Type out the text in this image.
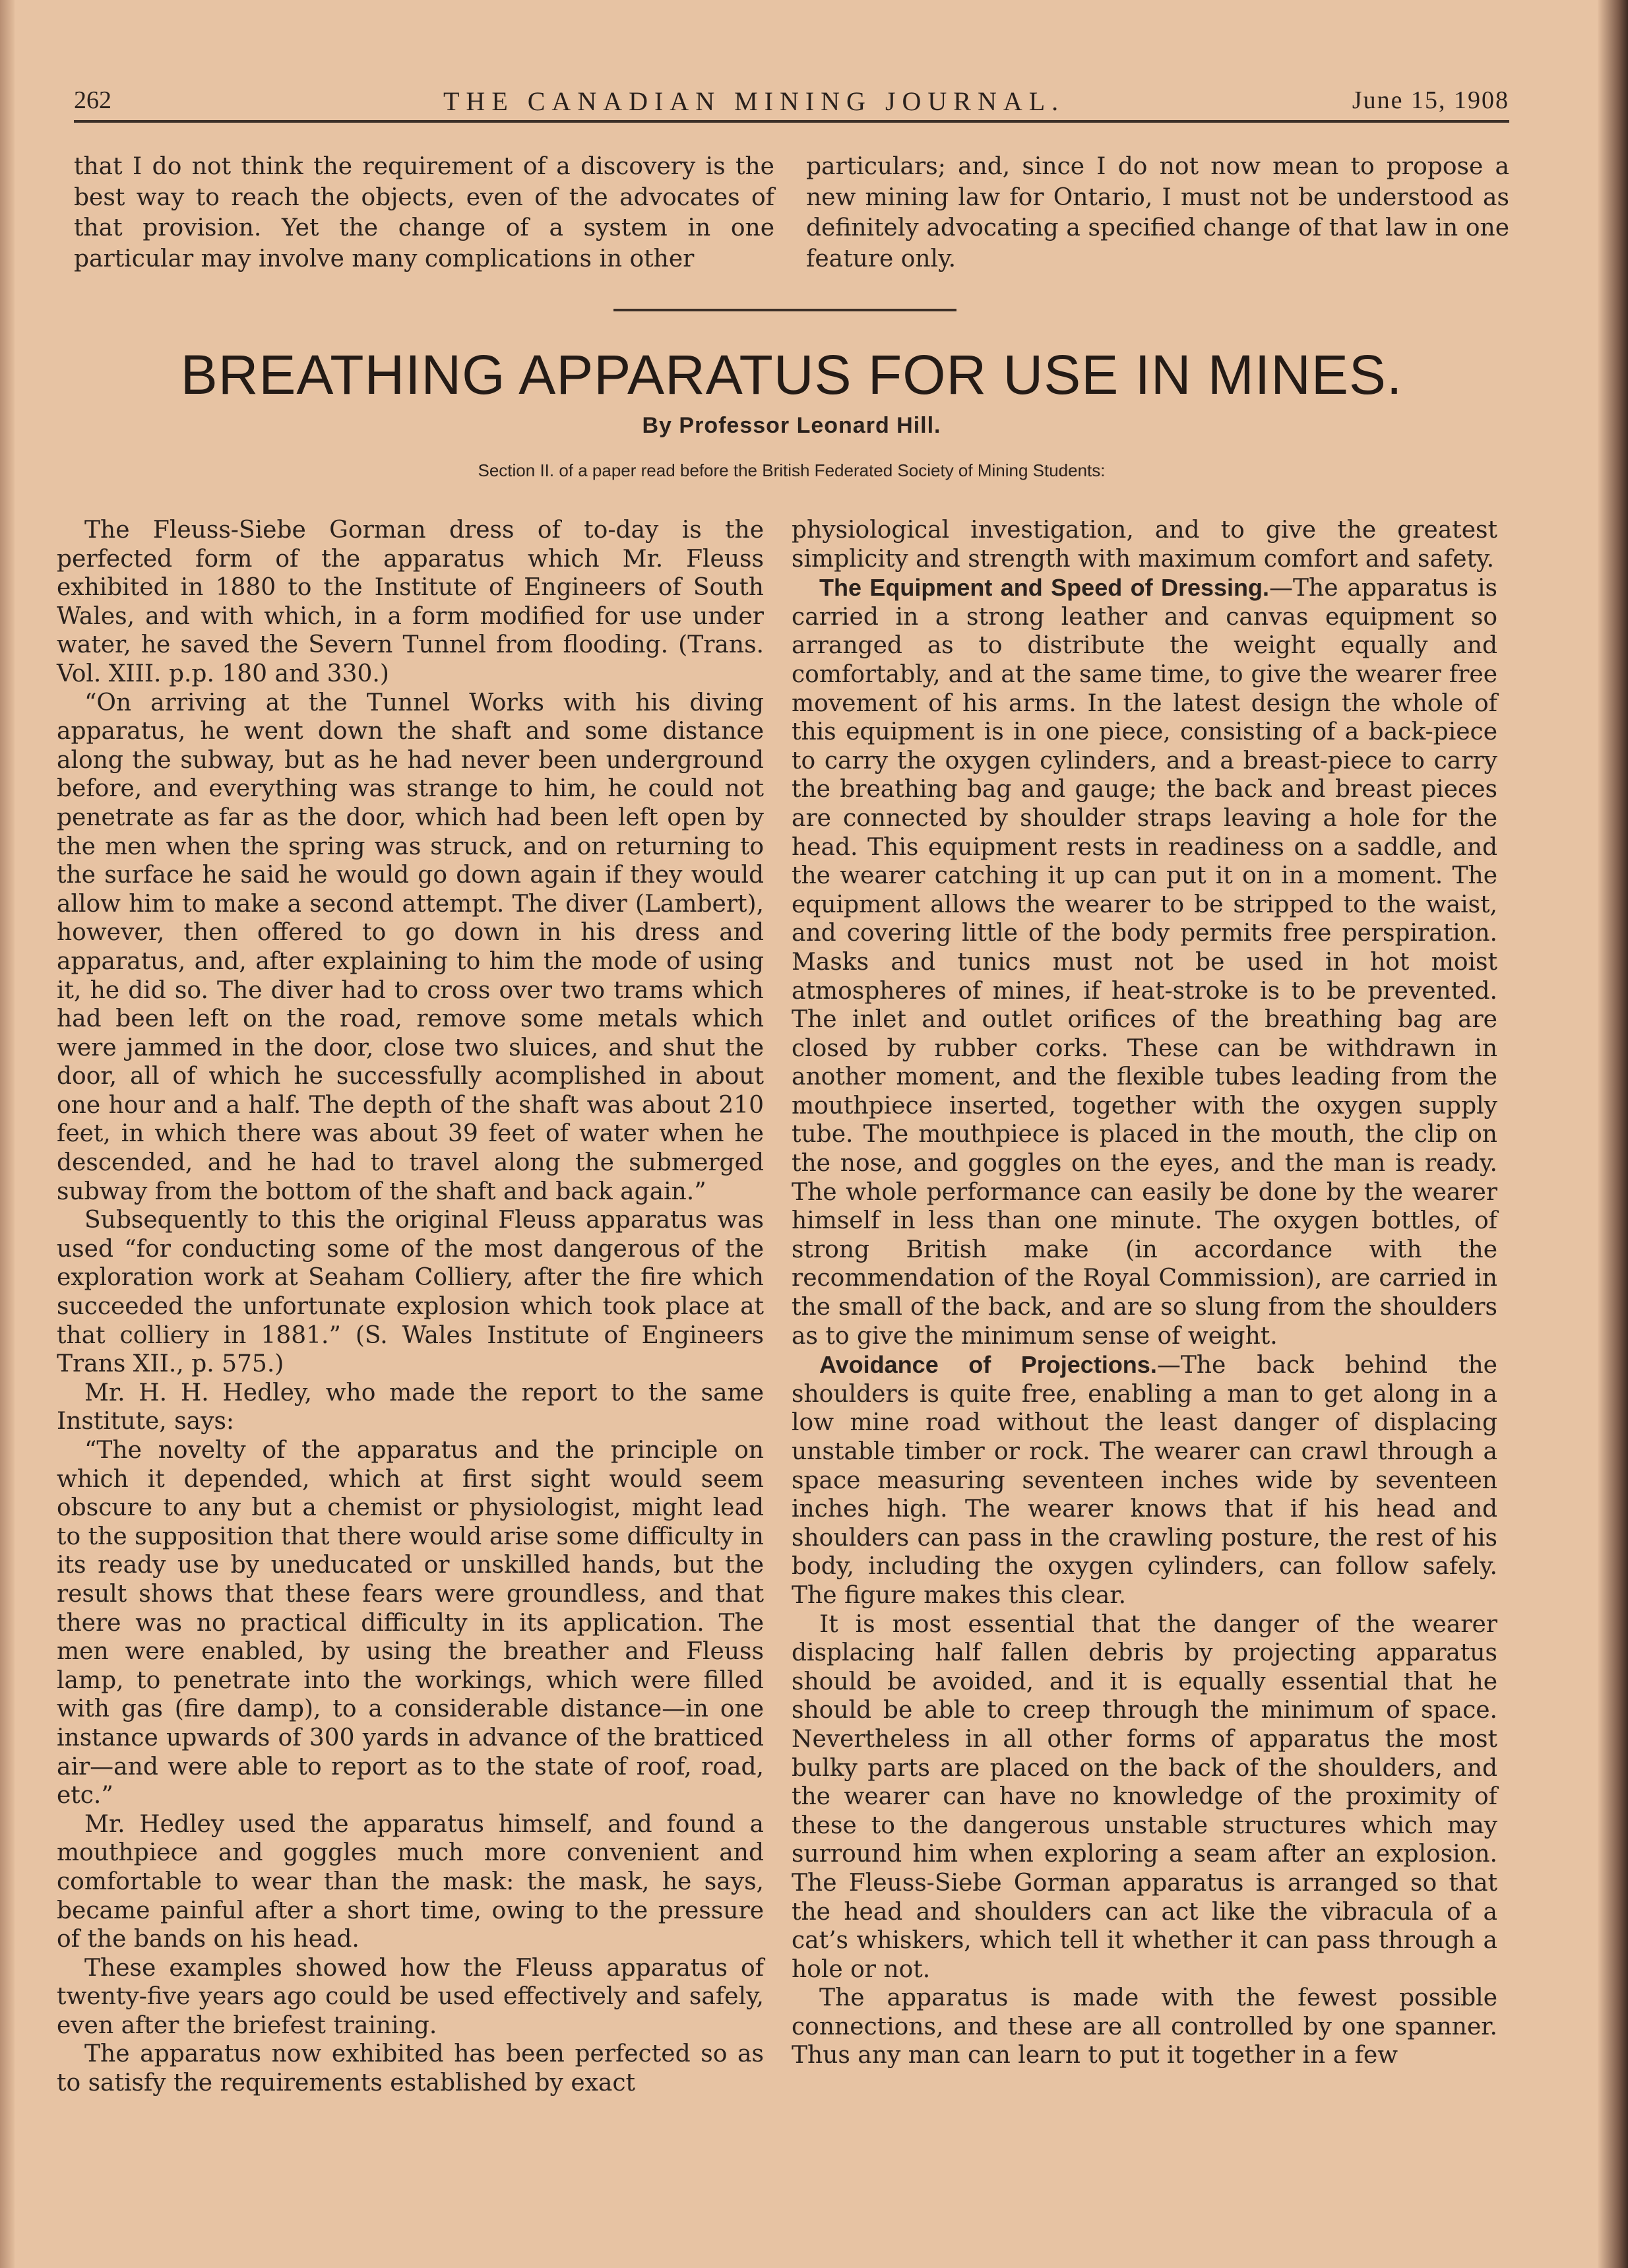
262	THE CANADIAN MINING JOURNAL.	June 15, 1908
that I do not think the requirement of a discovery is the best way to reach the objects, even of the advocates of that provision. Yet the change of a system in one particular may involve many complications in other
particulars; and, since I do not now mean to propose a new mining law for Ontario, I must not be understood as definitely advocating a specified change of that law in one feature only.
BREATHING APPARATUS FOR USE IN MINES.
By Professor Leonard Hill.
Section II. of a paper read before the British Federated Society of Mining Students:

The Fleuss-Siebe Gorman dress of to-day is the perfected form of the apparatus which Mr. Fleuss exhibited in 1880 to the Institute of Engineers of South Wales, and with which, in a form modified for use under water, he saved the Severn Tunnel from flooding. (Trans. Vol. XIII. p.p. 180 and 330.)

“On arriving at the Tunnel Works with his diving apparatus, he went down the shaft and some distance along the subway, but as he had never been underground before, and everything was strange to him, he could not penetrate as far as the door, which had been left open by the men when the spring was struck, and on returning to the surface he said he would go down again if they would allow him to make a second attempt. The diver (Lambert), however, then offered to go down in his dress and apparatus, and, after explaining to him the mode of using it, he did so. The diver had to cross over two trams which had been left on the road, remove some metals which were jammed in the door, close two sluices, and shut the door, all of which he successfully acomplished in about one hour and a half. The depth of the shaft was about 210 feet, in which there was about 39 feet of water when he descended, and he had to travel along the submerged subway from the bottom of the shaft and back again.”

Subsequently to this the original Fleuss apparatus was used “for conducting some of the most dangerous of the exploration work at Seaham Colliery, after the fire which succeeded the unfortunate explosion which took place at that colliery in 1881.” (S. Wales Institute of Engineers Trans XII., p. 575.)

Mr. H. H. Hedley, who made the report to the same Institute, says:

“The novelty of the apparatus and the principle on which it depended, which at first sight would seem obscure to any but a chemist or physiologist, might lead to the supposition that there would arise some difficulty in its ready use by uneducated or unskilled hands, but the result shows that these fears were groundless, and that there was no practical difficulty in its application. The men were enabled, by using the breather and Fleuss lamp, to penetrate into the workings, which were filled with gas (fire damp), to a considerable distance—in one instance upwards of 300 yards in advance of the bratticed air—and were able to report as to the state of roof, road, etc.”

Mr. Hedley used the apparatus himself, and found a mouthpiece and goggles much more convenient and comfortable to wear than the mask: the mask, he says, became painful after a short time, owing to the pressure of the bands on his head.

These examples showed how the Fleuss apparatus of twenty-five years ago could be used effectively and safely, even after the briefest training.

The apparatus now exhibited has been perfected so as to satisfy the requirements established by exact

physiological investigation, and to give the greatest simplicity and strength with maximum comfort and safety.

The Equipment and Speed of Dressing.—The apparatus is carried in a strong leather and canvas equipment so arranged as to distribute the weight equally and comfortably, and at the same time, to give the wearer free movement of his arms. In the latest design the whole of this equipment is in one piece, consisting of a back-piece to carry the oxygen cylinders, and a breast-piece to carry the breathing bag and gauge; the back and breast pieces are connected by shoulder straps leaving a hole for the head. This equipment rests in readiness on a saddle, and the wearer catching it up can put it on in a moment. The equipment allows the wearer to be stripped to the waist, and covering little of the body permits free perspiration. Masks and tunics must not be used in hot moist atmospheres of mines, if heat-stroke is to be prevented. The inlet and outlet orifices of the breathing bag are closed by rubber corks. These can be withdrawn in another moment, and the flexible tubes leading from the mouthpiece inserted, together with the oxygen supply tube. The mouthpiece is placed in the mouth, the clip on the nose, and goggles on the eyes, and the man is ready. The whole performance can easily be done by the wearer himself in less than one minute. The oxygen bottles, of strong British make (in accordance with the recommendation of the Royal Commission), are carried in the small of the back, and are so slung from the shoulders as to give the minimum sense of weight.

Avoidance of Projections.—The back behind the shoulders is quite free, enabling a man to get along in a low mine road without the least danger of displacing unstable timber or rock. The wearer can crawl through a space measuring seventeen inches wide by seventeen inches high. The wearer knows that if his head and shoulders can pass in the crawling posture, the rest of his body, including the oxygen cylinders, can follow safely. The figure makes this clear.

It is most essential that the danger of the wearer displacing half fallen debris by projecting apparatus should be avoided, and it is equally essential that he should be able to creep through the minimum of space. Nevertheless in all other forms of apparatus the most bulky parts are placed on the back of the shoulders, and the wearer can have no knowledge of the proximity of these to the dangerous unstable structures which may surround him when exploring a seam after an explosion. The Fleuss-Siebe Gorman apparatus is arranged so that the head and shoulders can act like the vibracula of a cat’s whiskers, which tell it whether it can pass through a hole or not.

The apparatus is made with the fewest possible connections, and these are all controlled by one spanner. Thus any man can learn to put it together in a few
